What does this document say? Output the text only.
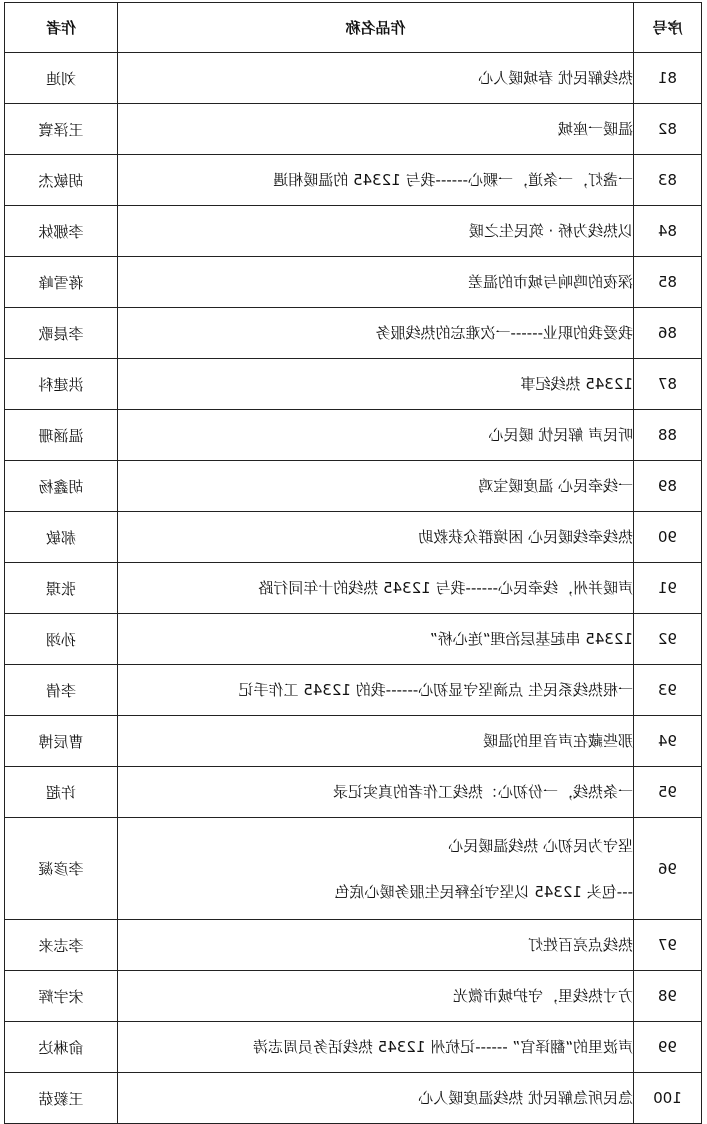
序号	作品名称	作者
81	热线解民忧 春城暖人心	刘迪
82	温暖一座城	王泽寰
83	一盏灯，一条道，一颗心------我与 12345 的温暖相遇	胡敏杰
84	以热线为桥 · 筑民生之暖	李娜妹
85	深夜的鸣响与城市的温差	蒋雪峰
86	我爱我的职业------一次难忘的热线服务	李晨歌
87	12345 热线纪事	洪建科
88	听民声 解民忧 暖民心	温涵珊
89	一线牵民心 温度暖宝鸡	胡鑫杨
90	热线牵线暖民心 困境群众获救助	郝敏
91	声暖并州，线牵民心------我与 12345 热线的十年同行路	张璟
92	12345 串起基层治理“连心桥”	孙翊
93	一根热线系民生 点滴坚守显初心------我的 12345 工作手记	李倩
94	那些藏在声音里的温暖	曹辰博
95	一条热线，一份初心：热线工作者的真实记录	许超
96	坚守为民初心 热线温暖民心
---包头 12345 以坚守诠释民生服务暖心底色	李彦凝
97	热线点亮百姓灯	李志来
98	方寸热线里，守护城市微光	宋宇辉
99	声波里的“翻译官” ------记杭州 12345 热线话务员周志涛	俞琳达
100	急民所急解民忧 热线温度暖人心	王毅菇
